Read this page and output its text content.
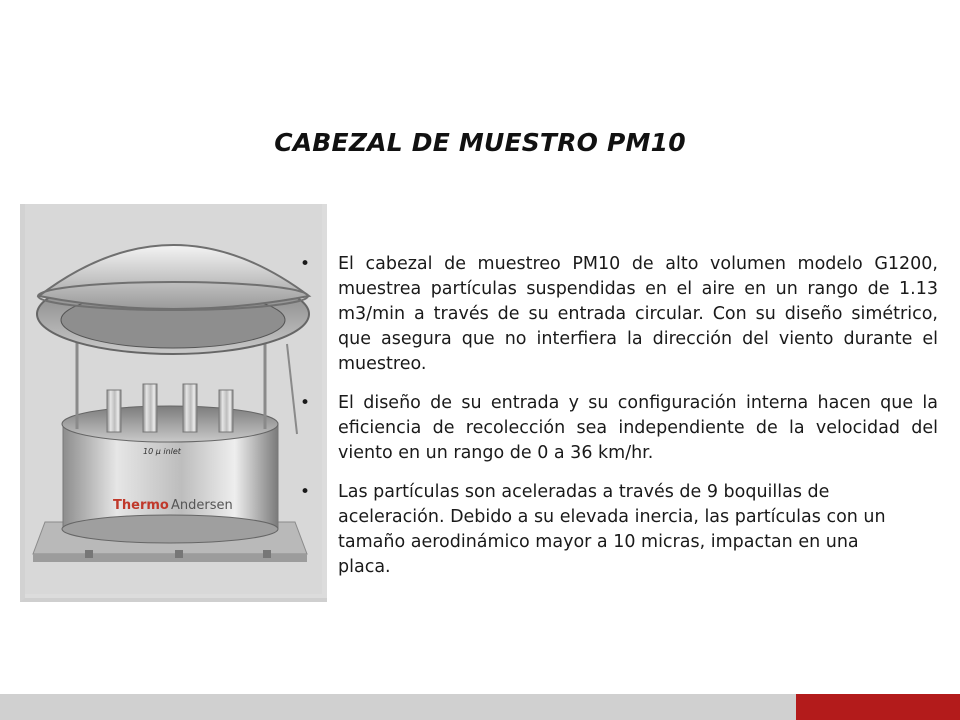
CABEZAL DE MUESTRO PM10
10 µ inlet
Thermo Andersen
• El cabezal de muestreo PM10 de alto volumen modelo G1200, muestrea partículas suspendidas en el aire en un rango de 1.13 m3/min a través de su entrada circular. Con su diseño simétrico, que asegura que no interfiera la dirección del viento durante el muestreo.
• El diseño de su entrada y su configuración interna hacen que la eficiencia de recolección sea independiente de la velocidad del viento en un rango de 0 a 36 km/hr.
• Las partículas son aceleradas a través de 9 boquillas de aceleración. Debido a su elevada inercia, las partículas con un tamaño aerodinámico mayor a 10 micras, impactan en una placa.
